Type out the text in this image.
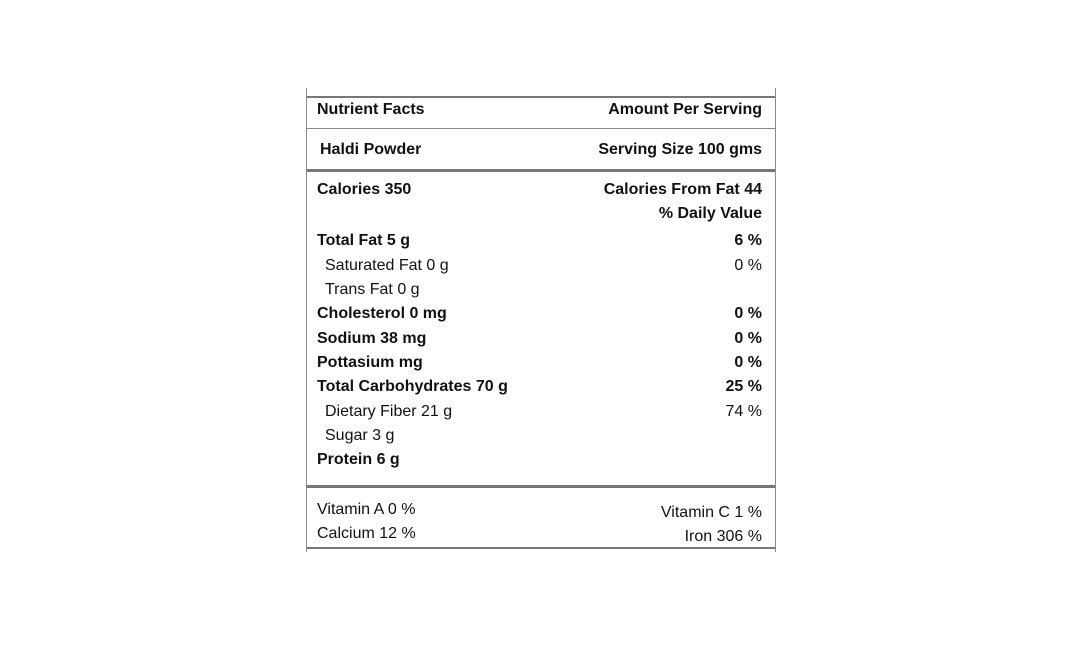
Nutrient Facts	Amount Per Serving
Haldi Powder	Serving Size 100 gms
Calories 350	Calories From Fat 44
% Daily Value
Total Fat 5 g	6 %
Saturated Fat 0 g	0 %
Trans Fat 0 g
Cholesterol 0 mg	0 %
Sodium 38 mg	0 %
Pottasium mg	0 %
Total Carbohydrates 70 g	25 %
Dietary Fiber 21 g	74 %
Sugar 3 g
Protein 6 g
Vitamin A 0 %	Vitamin C 1 %
Calcium 12 %	Iron 306 %
